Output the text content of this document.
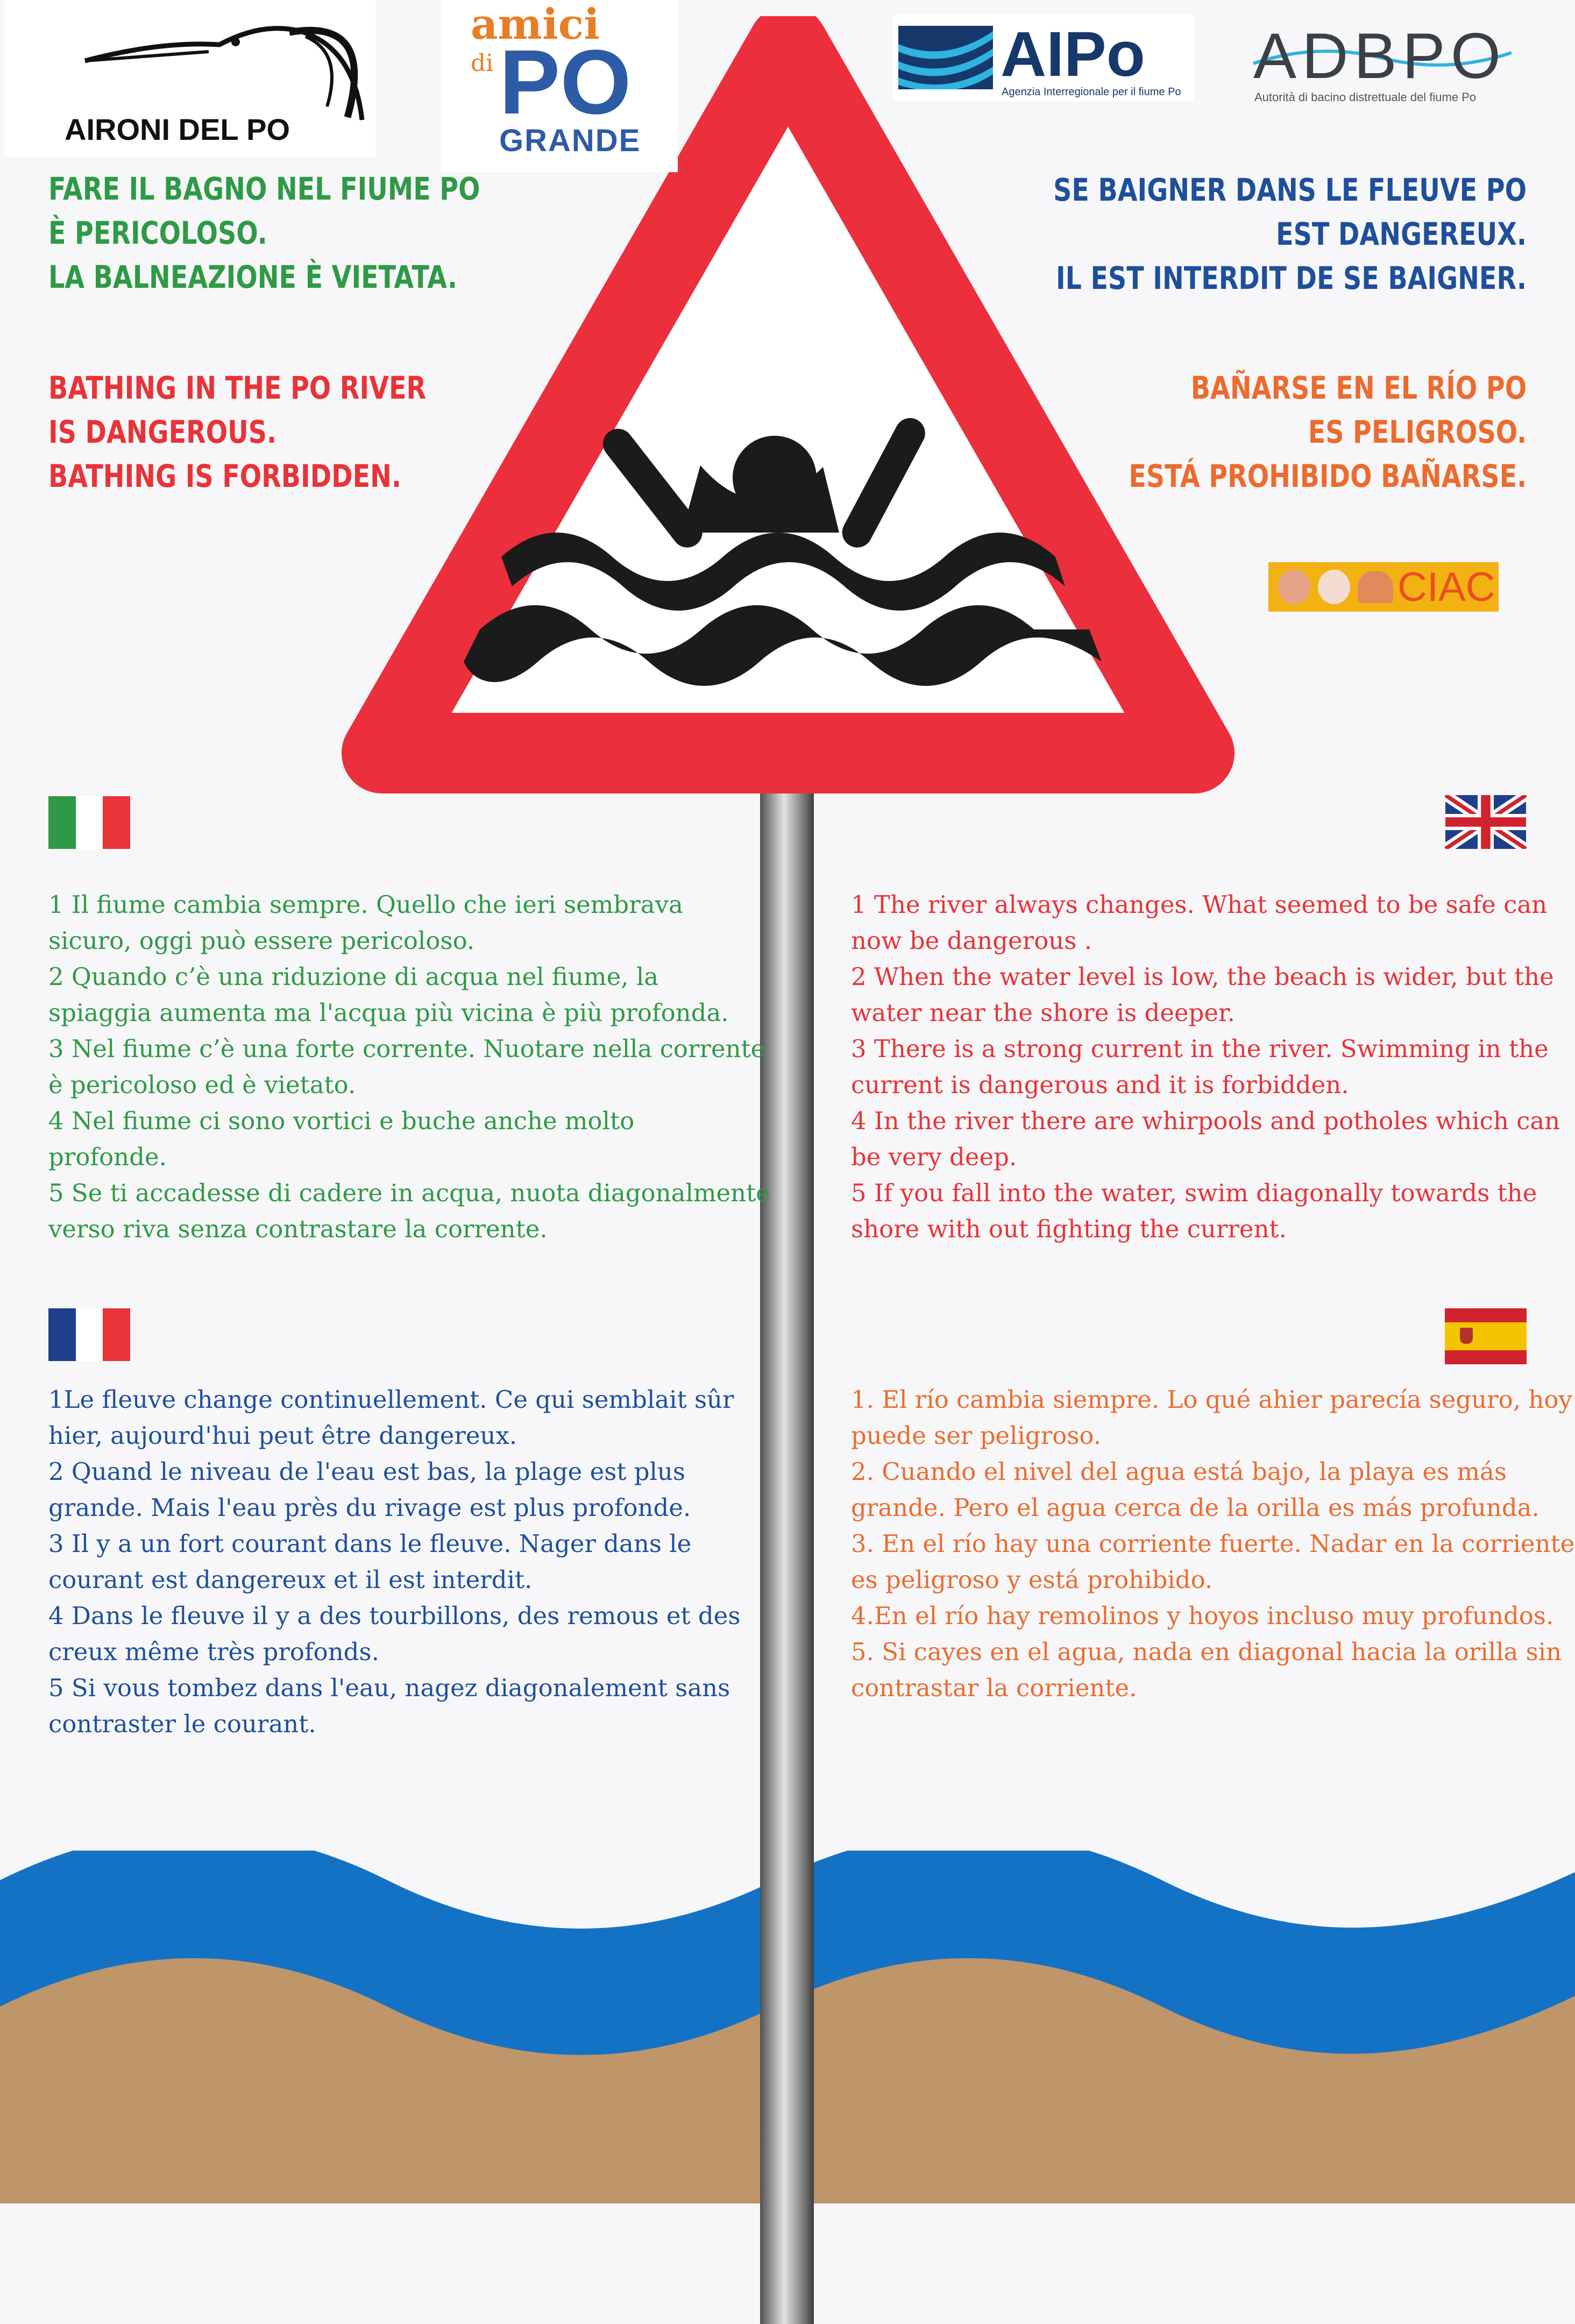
AIRONI DEL PO
amici
di PO
GRANDE
AIPo
Agenzia Interregionale per il fiume Po ADBPO
Autorità di bacino distrettuale del fiume Po
CIAC
FARE IL BAGNO NEL FIUME PO
È PERICOLOSO.
LA BALNEAZIONE È VIETATA.
BATHING IN THE PO RIVER
IS DANGEROUS.
BATHING IS FORBIDDEN.
SE BAIGNER DANS LE FLEUVE PO
EST DANGEREUX.
IL EST INTERDIT DE SE BAIGNER.
BAÑARSE EN EL RÍO PO
ES PELIGROSO.
ESTÁ PROHIBIDO BAÑARSE.
1 Il fiume cambia sempre. Quello che ieri sembrava
sicuro, oggi può essere pericoloso.
2 Quando c’è una riduzione di acqua nel fiume, la
spiaggia aumenta ma l'acqua più vicina è più profonda.
3 Nel fiume c’è una forte corrente. Nuotare nella corrente
è pericoloso ed è vietato.
4 Nel fiume ci sono vortici e buche anche molto
profonde.
5 Se ti accadesse di cadere in acqua, nuota diagonalmente
verso riva senza contrastare la corrente.
1 The river always changes. What seemed to be safe can
now be dangerous .
2 When the water level is low, the beach is wider, but the
water near the shore is deeper.
3 There is a strong current in the river. Swimming in the
current is dangerous and it is forbidden.
4 In the river there are whirpools and potholes which can
be very deep.
5 If you fall into the water, swim diagonally towards the
shore with out fighting the current.
1Le fleuve change continuellement. Ce qui semblait sûr
hier, aujourd'hui peut être dangereux.
2 Quand le niveau de l'eau est bas, la plage est plus
grande. Mais l'eau près du rivage est plus profonde.
3 Il y a un fort courant dans le fleuve. Nager dans le
courant est dangereux et il est interdit.
4 Dans le fleuve il y a des tourbillons, des remous et des
creux même très profonds.
5 Si vous tombez dans l'eau, nagez diagonalement sans
contraster le courant.
1. El río cambia siempre. Lo qué ahier parecía seguro, hoy
puede ser peligroso.
2. Cuando el nivel del agua está bajo, la playa es más
grande. Pero el agua cerca de la orilla es más profunda.
3. En el río hay una corriente fuerte. Nadar en la corriente
es peligroso y está prohibido.
4.En el río hay remolinos y hoyos incluso muy profundos.
5. Si cayes en el agua, nada en diagonal hacia la orilla sin
contrastar la corriente.
